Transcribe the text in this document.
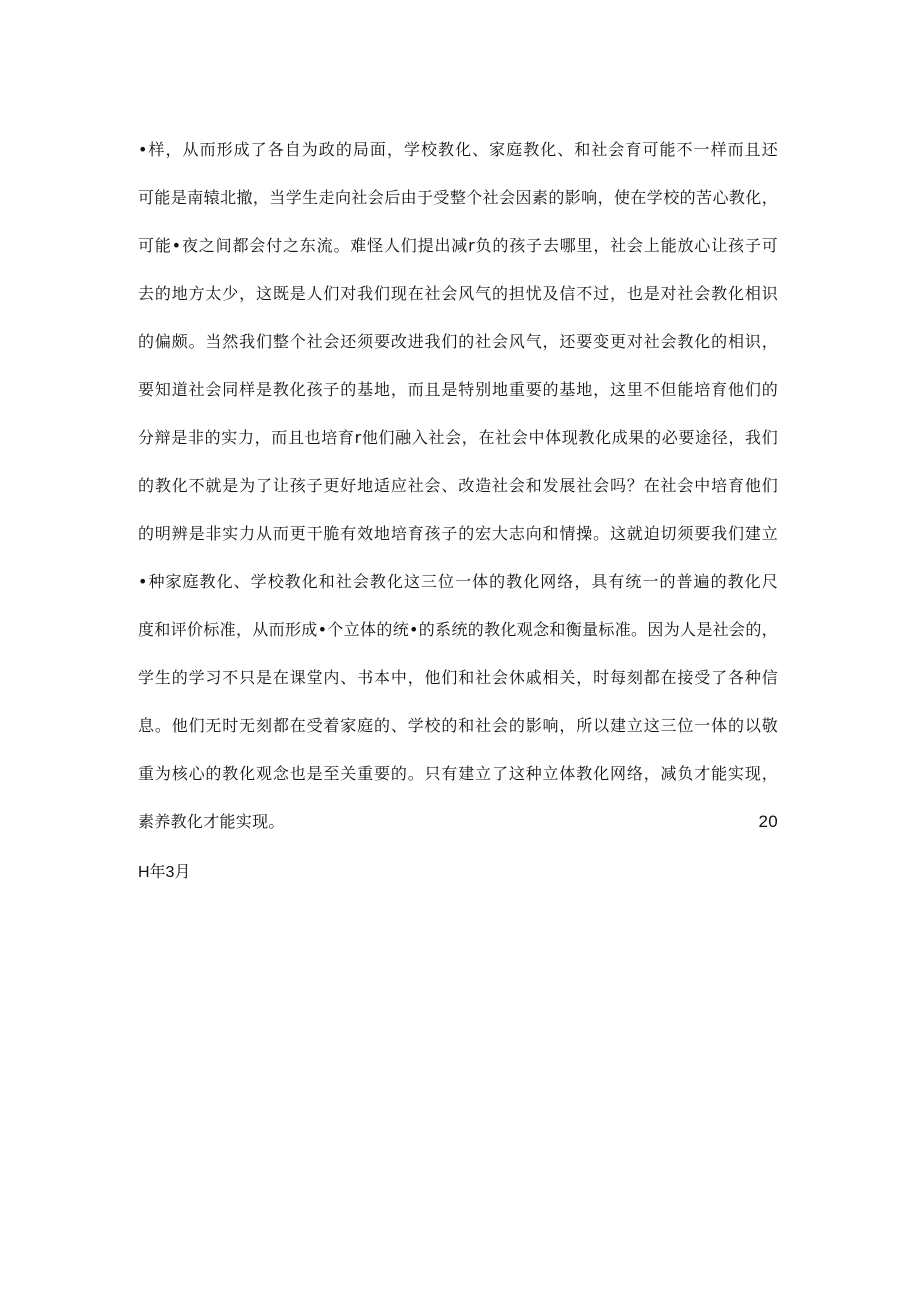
•样，从而形成了各自为政的局面，学校教化、家庭教化、和社会育可能不一样而且还
可能是南辕北撤，当学生走向社会后由于受整个社会因素的影响，使在学校的苦心教化，
可能•夜之间都会付之东流。难怪人们提出减r负的孩子去哪里，社会上能放心让孩子可
去的地方太少，这既是人们对我们现在社会风气的担忧及信不过，也是对社会教化相识
的偏颇。当然我们整个社会还须要改进我们的社会风气，还要变更对社会教化的相识，
要知道社会同样是教化孩子的基地，而且是特别地重要的基地，这里不但能培育他们的
分辩是非的实力，而且也培育r他们融入社会，在社会中体现教化成果的必要途径，我们
的教化不就是为了让孩子更好地适应社会、改造社会和发展社会吗？在社会中培育他们
的明辨是非实力从而更干脆有效地培育孩子的宏大志向和情操。这就迫切须要我们建立
•种家庭教化、学校教化和社会教化这三位一体的教化网络，具有统一的普遍的教化尺
度和评价标准，从而形成•个立体的统•的系统的教化观念和衡量标准。因为人是社会的，
学生的学习不只是在课堂内、书本中，他们和社会休戚相关，时每刻都在接受了各种信
息。他们无时无刻都在受着家庭的、学校的和社会的影响，所以建立这三位一体的以敬
重为核心的教化观念也是至关重要的。只有建立了这种立体教化网络，减负才能实现，
素养教化才能实现。	20
H年3月
